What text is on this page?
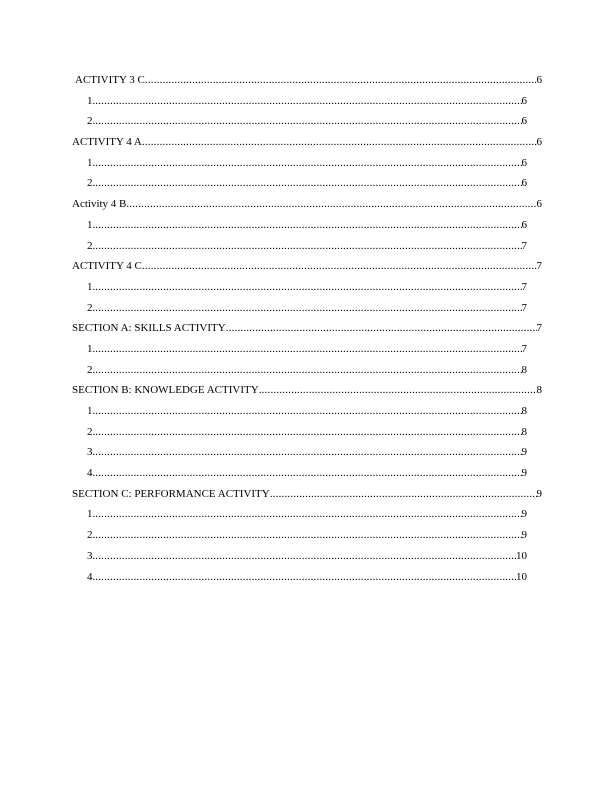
ACTIVITY 3 C .....	6
1. .....	6
2. .....	6
ACTIVITY 4 A .....	6
1. .....	6
2. .....	6
Activity 4 B .....	6
1. .....	6
2. .....	7
ACTIVITY 4 C .....	7
1. .....	7
2. .....	7
SECTION A: SKILLS ACTIVITY .....	7
1. .....	7
2. .....	8
SECTION B: KNOWLEDGE ACTIVITY .....	8
1. .....	8
2. .....	8
3. .....	9
4. .....	9
SECTION C: PERFORMANCE ACTIVITY .....	9
1. .....	9
2. .....	9
3. .....	10
4. .....	10
